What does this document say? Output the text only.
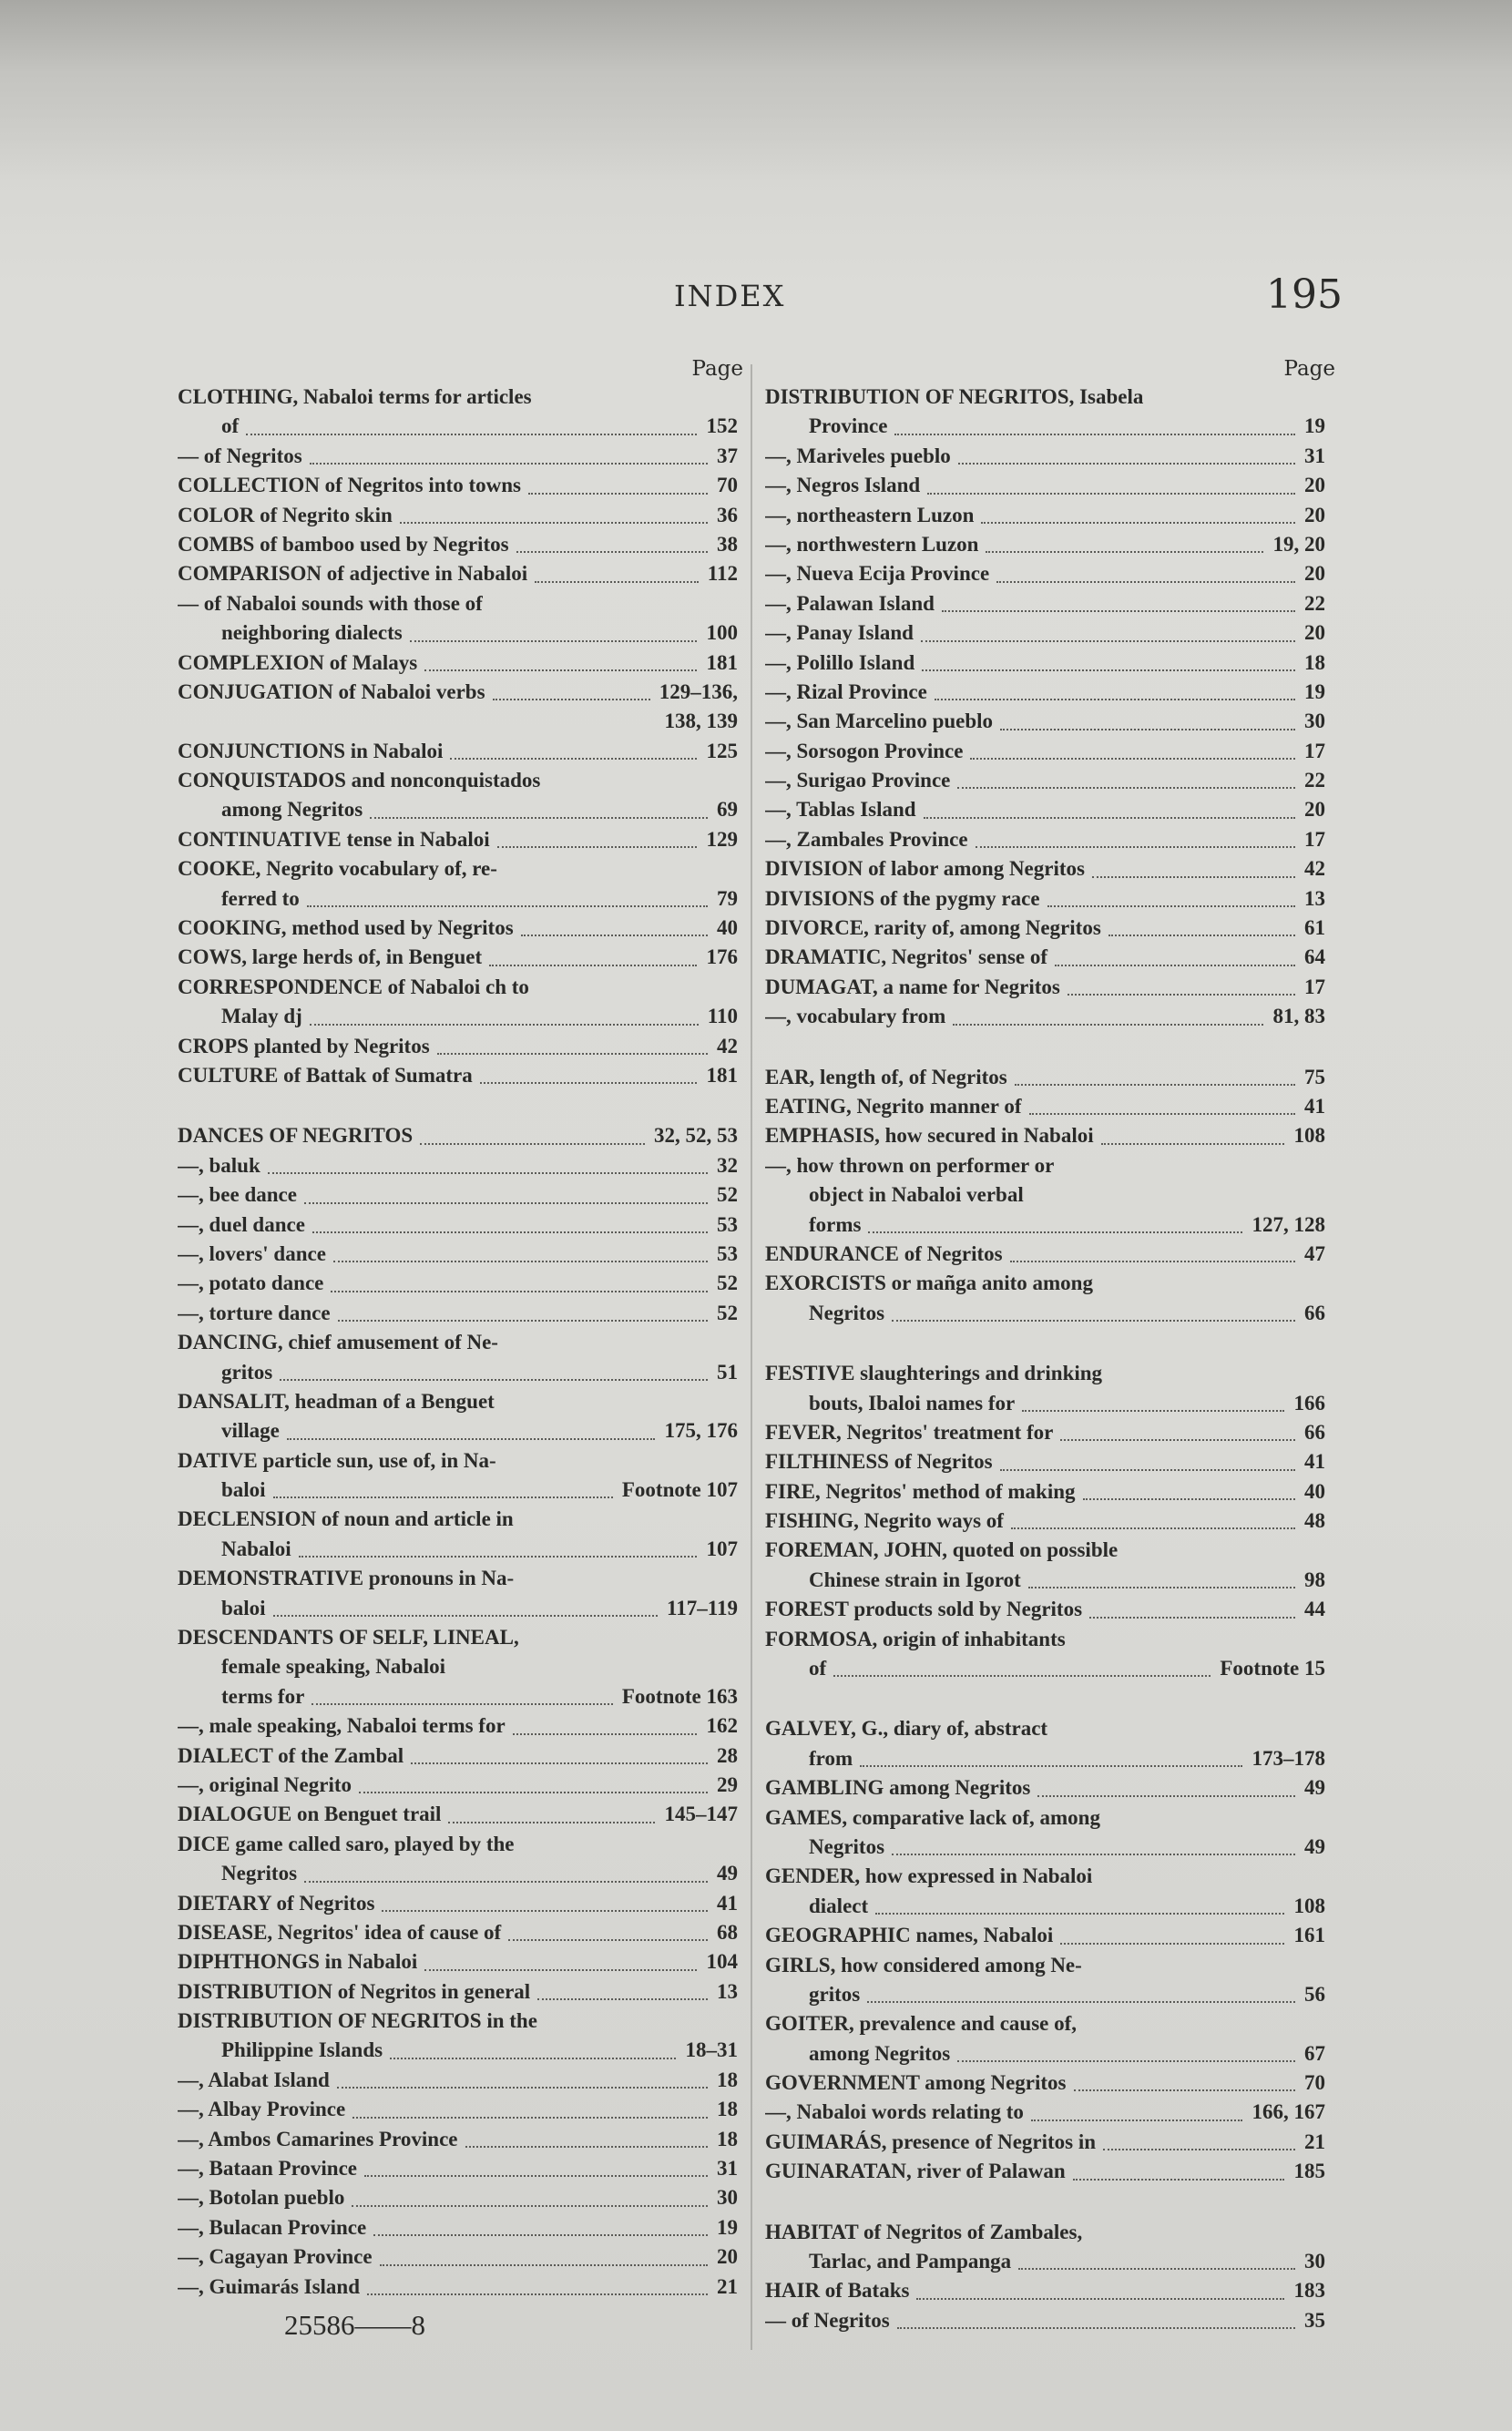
INDEX	195
Page	Page
CLOTHING, Nabaloi terms for articles
of	152
— of Negritos	37
COLLECTION of Negritos into towns	70
COLOR of Negrito skin	36
COMBS of bamboo used by Negritos	38
COMPARISON of adjective in Nabaloi	112
— of Nabaloi sounds with those of
neighboring dialects	100
COMPLEXION of Malays	181
CONJUGATION of Nabaloi verbs	129–136,
138, 139
CONJUNCTIONS in Nabaloi	125
CONQUISTADOS and nonconquistados
among Negritos	69
CONTINUATIVE tense in Nabaloi	129
COOKE, Negrito vocabulary of, re-
ferred to	79
COOKING, method used by Negritos	40
COWS, large herds of, in Benguet	176
CORRESPONDENCE of Nabaloi ch to
Malay dj	110
CROPS planted by Negritos	42
CULTURE of Battak of Sumatra	181
DANCES OF NEGRITOS	32, 52, 53
—, baluk	32
—, bee dance	52
—, duel dance	53
—, lovers' dance	53
—, potato dance	52
—, torture dance	52
DANCING, chief amusement of Ne-
gritos	51
DANSALIT, headman of a Benguet
village	175, 176
DATIVE particle sun, use of, in Na-
baloi	Footnote 107
DECLENSION of noun and article in
Nabaloi	107
DEMONSTRATIVE pronouns in Na-
baloi	117–119
DESCENDANTS OF SELF, LINEAL,
female speaking, Nabaloi
terms for	Footnote 163
—, male speaking, Nabaloi terms for	162
DIALECT of the Zambal	28
—, original Negrito	29
DIALOGUE on Benguet trail	145–147
DICE game called saro, played by the
Negritos	49
DIETARY of Negritos	41
DISEASE, Negritos' idea of cause of	68
DIPHTHONGS in Nabaloi	104
DISTRIBUTION of Negritos in general	13
DISTRIBUTION OF NEGRITOS in the
Philippine Islands	18–31
—, Alabat Island	18
—, Albay Province	18
—, Ambos Camarines Province	18
—, Bataan Province	31
—, Botolan pueblo	30
—, Bulacan Province	19
—, Cagayan Province	20
—, Guimarás Island	21
DISTRIBUTION OF NEGRITOS, Isabela
Province	19
—, Mariveles pueblo	31
—, Negros Island	20
—, northeastern Luzon	20
—, northwestern Luzon	19, 20
—, Nueva Ecija Province	20
—, Palawan Island	22
—, Panay Island	20
—, Polillo Island	18
—, Rizal Province	19
—, San Marcelino pueblo	30
—, Sorsogon Province	17
—, Surigao Province	22
—, Tablas Island	20
—, Zambales Province	17
DIVISION of labor among Negritos	42
DIVISIONS of the pygmy race	13
DIVORCE, rarity of, among Negritos	61
DRAMATIC, Negritos' sense of	64
DUMAGAT, a name for Negritos	17
—, vocabulary from	81, 83
EAR, length of, of Negritos	75
EATING, Negrito manner of	41
EMPHASIS, how secured in Nabaloi	108
—, how thrown on performer or
object in Nabaloi verbal
forms	127, 128
ENDURANCE of Negritos	47
EXORCISTS or mañga anito among
Negritos	66
FESTIVE slaughterings and drinking
bouts, Ibaloi names for	166
FEVER, Negritos' treatment for	66
FILTHINESS of Negritos	41
FIRE, Negritos' method of making	40
FISHING, Negrito ways of	48
FOREMAN, JOHN, quoted on possible
Chinese strain in Igorot	98
FOREST products sold by Negritos	44
FORMOSA, origin of inhabitants
of	Footnote 15
GALVEY, G., diary of, abstract
from	173–178
GAMBLING among Negritos	49
GAMES, comparative lack of, among
Negritos	49
GENDER, how expressed in Nabaloi
dialect	108
GEOGRAPHIC names, Nabaloi	161
GIRLS, how considered among Ne-
gritos	56
GOITER, prevalence and cause of,
among Negritos	67
GOVERNMENT among Negritos	70
—, Nabaloi words relating to	166, 167
GUIMARÁS, presence of Negritos in	21
GUINARATAN, river of Palawan	185
HABITAT of Negritos of Zambales,
Tarlac, and Pampanga	30
HAIR of Bataks	183
— of Negritos	35
25586——8
